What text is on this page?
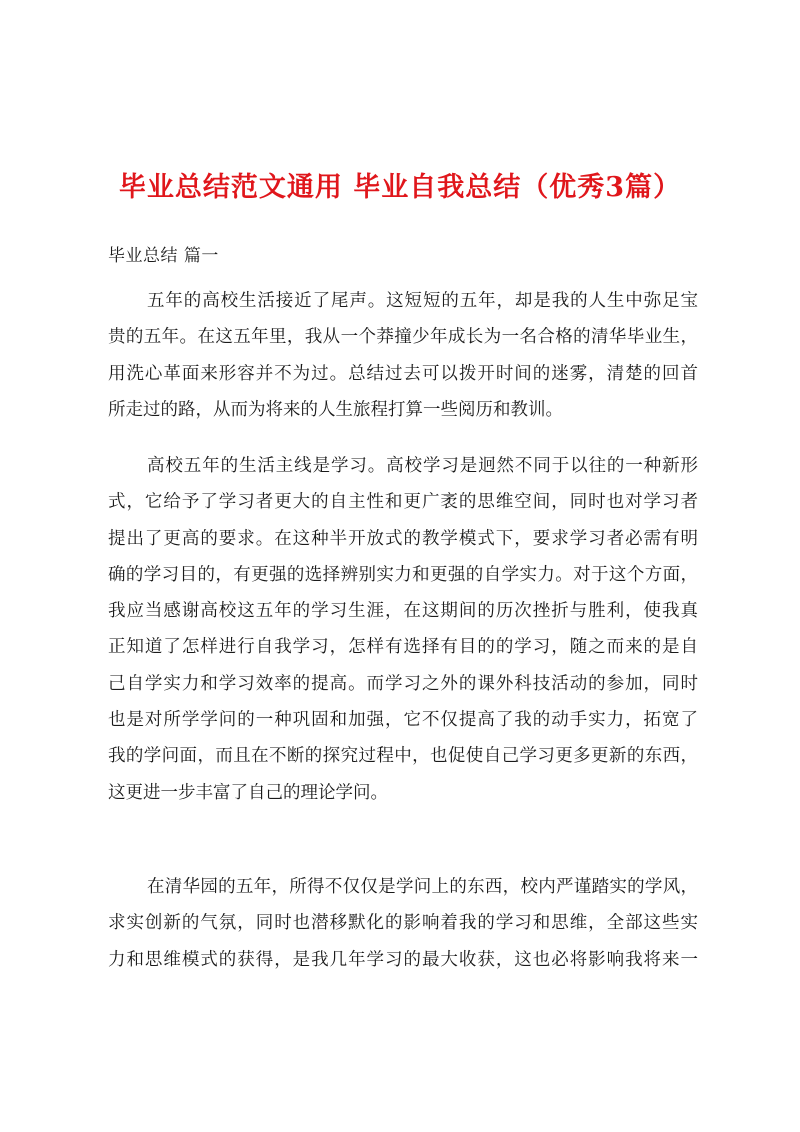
毕业总结范文通用 毕业自我总结（优秀3篇）
毕业总结 篇一
五年的高校生活接近了尾声。这短短的五年，却是我的人生中弥足宝
贵的五年。在这五年里，我从一个莽撞少年成长为一名合格的清华毕业生，
用洗心革面来形容并不为过。总结过去可以拨开时间的迷雾，清楚的回首
所走过的路，从而为将来的人生旅程打算一些阅历和教训。
高校五年的生活主线是学习。高校学习是迥然不同于以往的一种新形
式，它给予了学习者更大的自主性和更广袤的思维空间，同时也对学习者
提出了更高的要求。在这种半开放式的教学模式下，要求学习者必需有明
确的学习目的，有更强的选择辨别实力和更强的自学实力。对于这个方面，
我应当感谢高校这五年的学习生涯，在这期间的历次挫折与胜利，使我真
正知道了怎样进行自我学习，怎样有选择有目的的学习，随之而来的是自
己自学实力和学习效率的提高。而学习之外的课外科技活动的参加，同时
也是对所学学问的一种巩固和加强，它不仅提高了我的动手实力，拓宽了
我的学问面，而且在不断的探究过程中，也促使自己学习更多更新的东西，
这更进一步丰富了自己的理论学问。
在清华园的五年，所得不仅仅是学问上的东西，校内严谨踏实的学风，
求实创新的气氛，同时也潜移默化的影响着我的学习和思维，全部这些实
力和思维模式的获得，是我几年学习的最大收获，这也必将影响我将来一
